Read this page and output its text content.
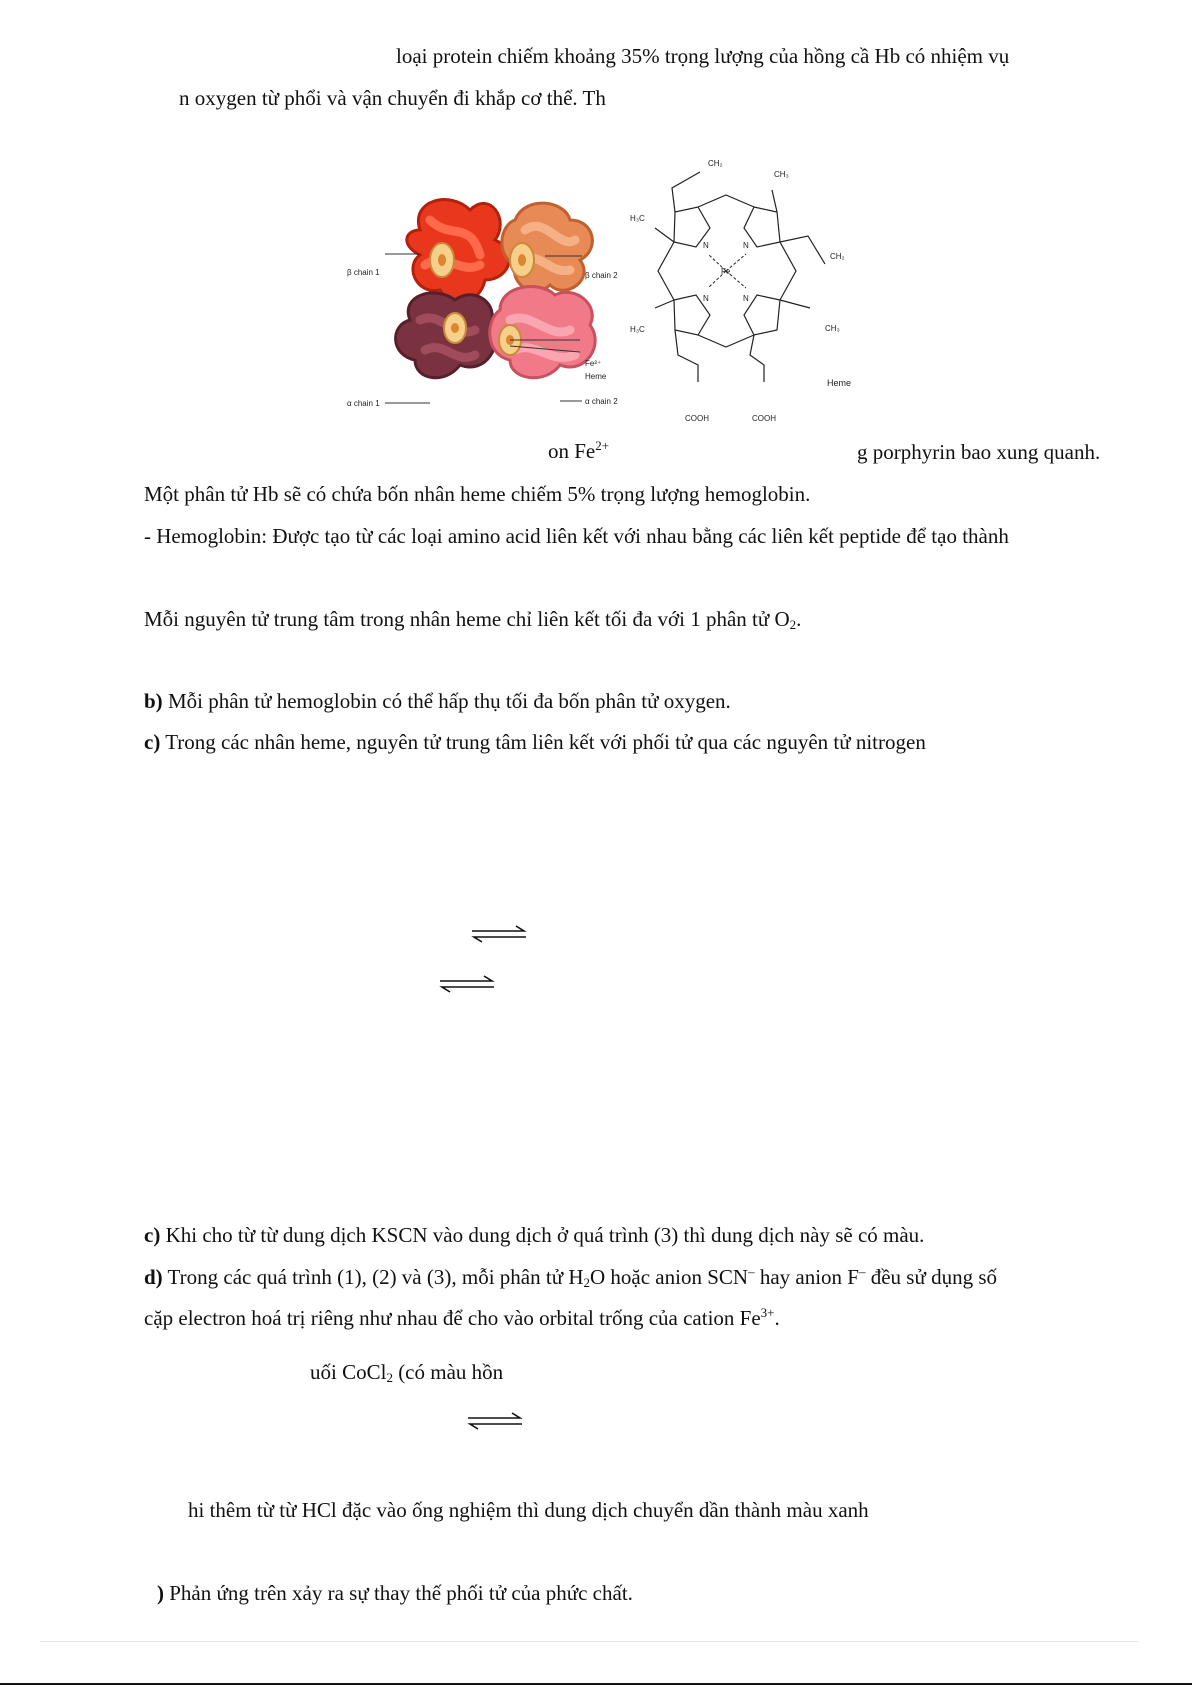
loại protein chiếm khoảng 35% trọng lượng của hồng cầ Hb có nhiệm vụ

n oxygen từ phổi và vận chuyển đi khắp cơ thể. Th

β chain 1	β chain 2
Fe²⁺
Heme
α chain 1	α chain 2
CH₂
CH₃
H₃C
CH₂
N	N
Fe
N	N
H₃C	CH₃
Heme
COOH	COOH

on $Fe^{2+}$	g porphyrin bao xung quanh.

Một phân tử Hb sẽ có chứa bốn nhân heme chiếm 5% trọng lượng hemoglobin.

- Hemoglobin: Được tạo từ các loại amino acid liên kết với nhau bằng các liên kết peptide để tạo thành

Mỗi nguyên tử trung tâm trong nhân heme chỉ liên kết tối đa với 1 phân tử $O_2$.

b) Mỗi phân tử hemoglobin có thể hấp thụ tối đa bốn phân tử oxygen.

c) Trong các nhân heme, nguyên tử trung tâm liên kết với phối tử qua các nguyên tử nitrogen

c) Khi cho từ từ dung dịch KSCN vào dung dịch ở quá trình (3) thì dung dịch này sẽ có màu.

d) Trong các quá trình (1), (2) và (3), mỗi phân tử $H_2O$ hoặc anion SCN– hay anion F– đều sử dụng số

cặp electron hoá trị riêng như nhau để cho vào orbital trống của cation $Fe^{3+}$.

uối CoCl$_2$ (có màu hồn

hi thêm từ từ HCl đặc vào ống nghiệm thì dung dịch chuyển dần thành màu xanh

) Phản ứng trên xảy ra sự thay thế phối tử của phức chất.
